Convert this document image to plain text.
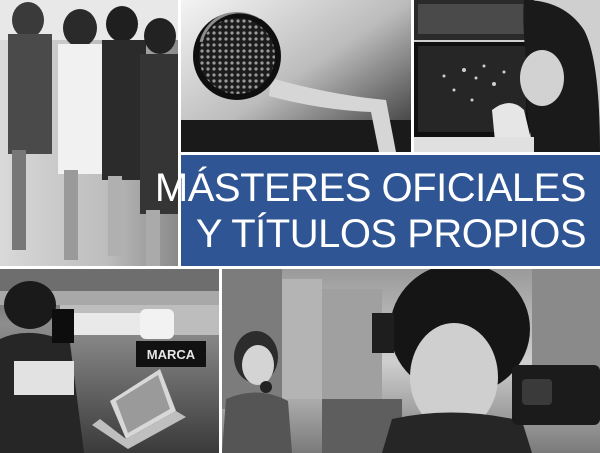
MÁSTERES OFICIALES
Y TÍTULOS PROPIOS
MARCA
